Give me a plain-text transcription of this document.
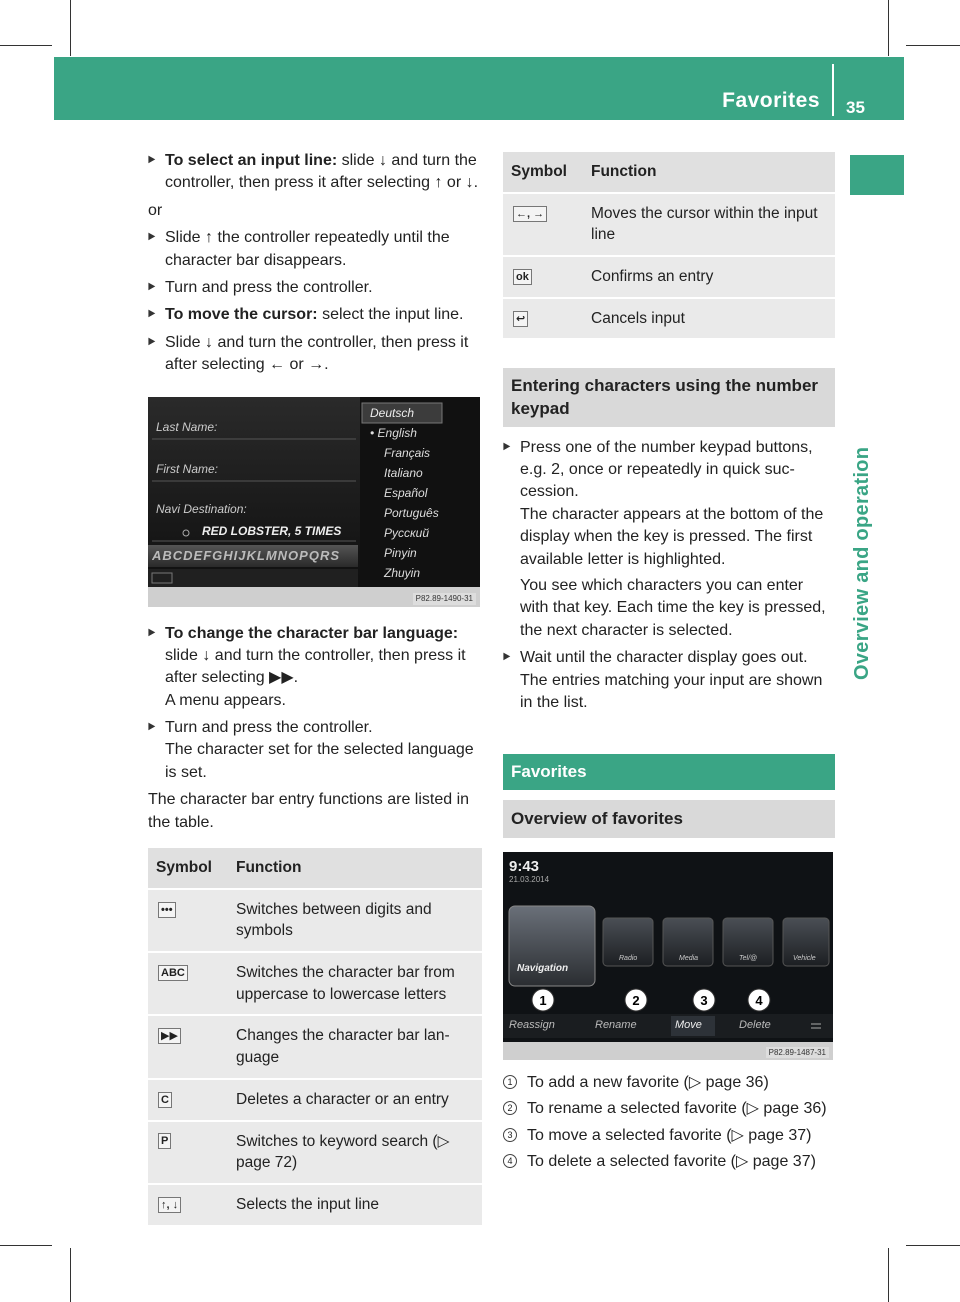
Favorites 35
Overview and operation
▶ To select an input line: slide ↓ and turn the controller, then press it after selecting ↑ or ↓.
or
▶ Slide ↑ the controller repeatedly until the character bar disappears.
▶ Turn and press the controller.
▶ To move the cursor: select the input line.
▶ Slide ↓ and turn the controller, then press it after selecting ← or →.
Last Name:
First Name:
Navi Destination:
RED LOBSTER, 5 TIMES
ABCDEFGHIJKLMNOPQRS
Deutsch
• English
Français
Italiano
Español
Português
Русский
Pinyin
Zhuyin
P82.89-1490-31
▶ To change the character bar language:
slide ↓ and turn the controller, then press it after selecting ▶▶.
A menu appears.
▶ Turn and press the controller.
The character set for the selected language is set.
The character bar entry functions are listed in the table.
Symbol	Function
•••	Switches between digits and symbols
ABC	Switches the character bar from uppercase to lowercase letters
▶▶	Changes the character bar lan-guage
C	Deletes a character or an entry
P	Switches to keyword search (▷ page 72)
↑, ↓	Selects the input line
Symbol	Function
←, →	Moves the cursor within the input line
ok	Confirms an entry
↩	Cancels input
Entering characters using the number keypad
▶ Press one of the number keypad buttons, e.g. 2, once or repeatedly in quick suc-cession.
The character appears at the bottom of the display when the key is pressed. The first available letter is highlighted.
You see which characters you can enter with that key. Each time the key is pressed, the next character is selected.
▶ Wait until the character display goes out.
The entries matching your input are shown in the list.
Favorites
Overview of favorites
1	2	3	4
9:43
21.03.2014
Navigation
Radio	Media	Tel/@	Vehicle
Reassign	Rename	Move	Delete
P82.89-1487-31
1 To add a new favorite (▷ page 36)
2 To rename a selected favorite (▷ page 36)
3 To move a selected favorite (▷ page 37)
4 To delete a selected favorite (▷ page 37)
